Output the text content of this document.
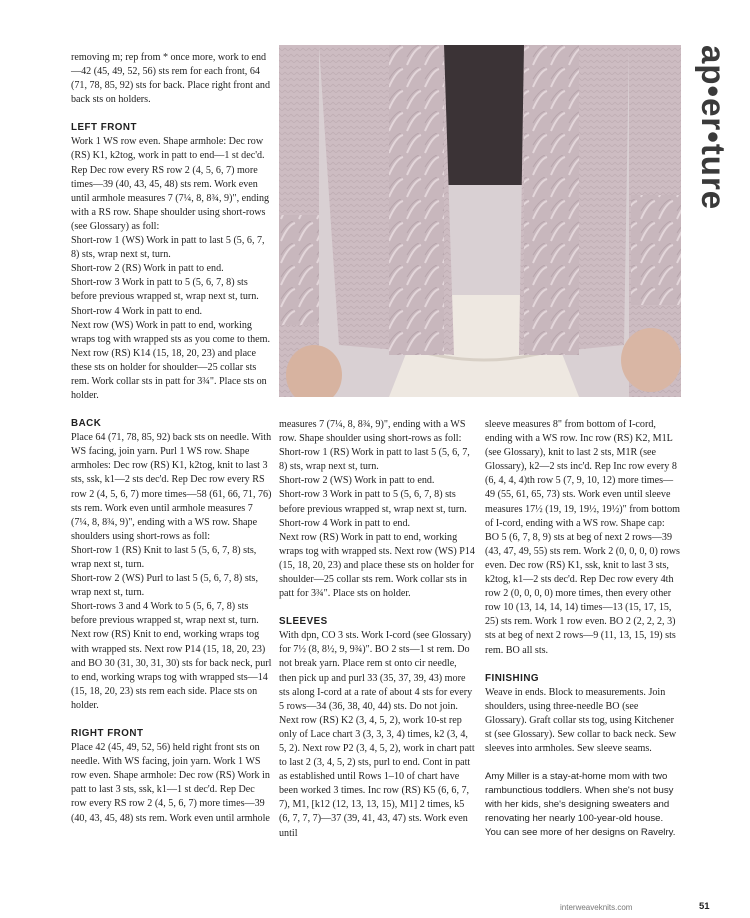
removing m; rep from * once more, work to end—42 (45, 49, 52, 56) sts rem for each front, 64 (71, 78, 85, 92) sts for back. Place right front and back sts on holders.

LEFT FRONT

Work 1 WS row even. Shape armhole: Dec row (RS) K1, k2tog, work in patt to end—1 st dec'd. Rep Dec row every RS row 2 (4, 5, 6, 7) more times—39 (40, 43, 45, 48) sts rem. Work even until armhole measures 7 (7¼, 8, 8¾, 9)", ending with a RS row. Shape shoulder using short-rows (see Glossary) as foll:

Short-row 1 (WS) Work in patt to last 5 (5, 6, 7, 8) sts, wrap next st, turn.

Short-row 2 (RS) Work in patt to end.

Short-row 3 Work in patt to 5 (5, 6, 7, 8) sts before previous wrapped st, wrap next st, turn.

Short-row 4 Work in patt to end.

Next row (WS) Work in patt to end, working wraps tog with wrapped sts as you come to them. Next row (RS) K14 (15, 18, 20, 23) and place these sts on holder for shoulder—25 collar sts rem. Work collar sts in patt for 3¾". Place sts on holder.

BACK

Place 64 (71, 78, 85, 92) back sts on needle. With WS facing, join yarn. Purl 1 WS row. Shape armholes: Dec row (RS) K1, k2tog, knit to last 3 sts, ssk, k1—2 sts dec'd. Rep Dec row every RS row 2 (4, 5, 6, 7) more times—58 (61, 66, 71, 76) sts rem. Work even until armhole measures 7 (7¼, 8, 8¾, 9)", ending with a WS row. Shape shoulders using short-rows as foll:

Short-row 1 (RS) Knit to last 5 (5, 6, 7, 8) sts, wrap next st, turn.

Short-row 2 (WS) Purl to last 5 (5, 6, 7, 8) sts, wrap next st, turn.

Short-rows 3 and 4 Work to 5 (5, 6, 7, 8) sts before previous wrapped st, wrap next st, turn.

Next row (RS) Knit to end, working wraps tog with wrapped sts. Next row P14 (15, 18, 20, 23) and BO 30 (31, 30, 31, 30) sts for back neck, purl to end, working wraps tog with wrapped sts—14 (15, 18, 20, 23) sts rem each side. Place sts on holder.

RIGHT FRONT

Place 42 (45, 49, 52, 56) held right front sts on needle. With WS facing, join yarn. Work 1 WS row even. Shape armhole: Dec row (RS) Work in patt to last 3 sts, ssk, k1—1 st dec'd. Rep Dec row every RS row 2 (4, 5, 6, 7) more times—39 (40, 43, 45, 48) sts rem. Work even until armhole

ap•er•ture

measures 7 (7¼, 8, 8¾, 9)", ending with a WS row. Shape shoulder using short-rows as foll:

Short-row 1 (RS) Work in patt to last 5 (5, 6, 7, 8) sts, wrap next st, turn.

Short-row 2 (WS) Work in patt to end.

Short-row 3 Work in patt to 5 (5, 6, 7, 8) sts before previous wrapped st, wrap next st, turn.

Short-row 4 Work in patt to end.

Next row (RS) Work in patt to end, working wraps tog with wrapped sts. Next row (WS) P14 (15, 18, 20, 23) and place these sts on holder for shoulder—25 collar sts rem. Work collar sts in patt for 3¾". Place sts on holder.

SLEEVES

With dpn, CO 3 sts. Work I-cord (see Glossary) for 7½ (8, 8½, 9, 9¾)". BO 2 sts—1 st rem. Do not break yarn. Place rem st onto cir needle, then pick up and purl 33 (35, 37, 39, 43) more sts along I-cord at a rate of about 4 sts for every 5 rows—34 (36, 38, 40, 44) sts. Do not join. Next row (RS) K2 (3, 4, 5, 2), work 10-st rep only of Lace chart 3 (3, 3, 3, 4) times, k2 (3, 4, 5, 2). Next row P2 (3, 4, 5, 2), work in chart patt to last 2 (3, 4, 5, 2) sts, purl to end. Cont in patt as established until Rows 1–10 of chart have been worked 3 times. Inc row (RS) K5 (6, 6, 7, 7), M1, [k12 (12, 13, 13, 15), M1] 2 times, k5 (6, 7, 7, 7)—37 (39, 41, 43, 47) sts. Work even until

sleeve measures 8" from bottom of I-cord, ending with a WS row. Inc row (RS) K2, M1L (see Glossary), knit to last 2 sts, M1R (see Glossary), k2—2 sts inc'd. Rep Inc row every 8 (6, 4, 4, 4)th row 5 (7, 9, 10, 12) more times—49 (55, 61, 65, 73) sts. Work even until sleeve measures 17½ (19, 19, 19½, 19½)" from bottom of I-cord, ending with a WS row. Shape cap: BO 5 (6, 7, 8, 9) sts at beg of next 2 rows—39 (43, 47, 49, 55) sts rem. Work 2 (0, 0, 0, 0) rows even. Dec row (RS) K1, ssk, knit to last 3 sts, k2tog, k1—2 sts dec'd. Rep Dec row every 4th row 2 (0, 0, 0, 0) more times, then every other row 10 (13, 14, 14, 14) times—13 (15, 17, 15, 25) sts rem. Work 1 row even. BO 2 (2, 2, 2, 3) sts at beg of next 2 rows—9 (11, 13, 15, 19) sts rem. BO all sts.

FINISHING

Weave in ends. Block to measurements. Join shoulders, using three-needle BO (see Glossary). Graft collar sts tog, using Kitchener st (see Glossary). Sew collar to back neck. Sew sleeves into armholes. Sew sleeve seams.

Amy Miller is a stay-at-home mom with two rambunctious toddlers. When she's not busy with her kids, she's designing sweaters and renovating her nearly 100-year-old house. You can see more of her designs on Ravelry.

interweaveknits.com	51
